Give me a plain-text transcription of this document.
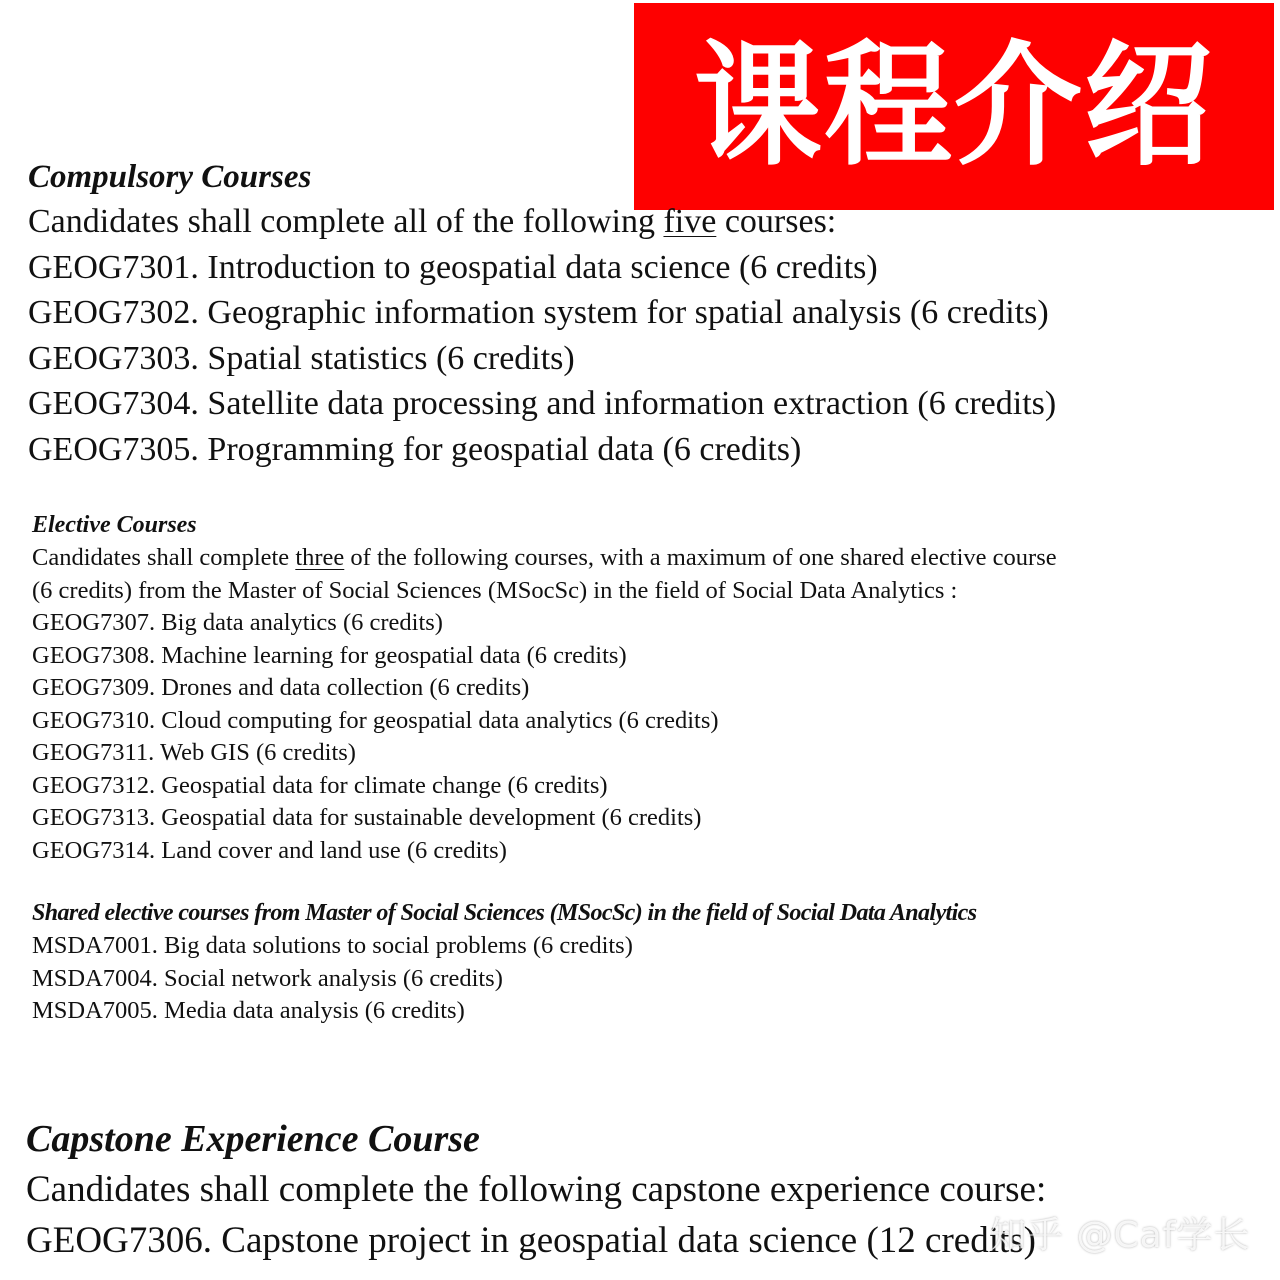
课程介绍
Compulsory Courses
Candidates shall complete all of the following five courses:
GEOG7301. Introduction to geospatial data science (6 credits)
GEOG7302. Geographic information system for spatial analysis (6 credits)
GEOG7303. Spatial statistics (6 credits)
GEOG7304. Satellite data processing and information extraction (6 credits)
GEOG7305. Programming for geospatial data (6 credits)
Elective Courses
Candidates shall complete three of the following courses, with a maximum of one shared elective course
(6 credits) from the Master of Social Sciences (MSocSc) in the field of Social Data Analytics :
GEOG7307. Big data analytics (6 credits)
GEOG7308. Machine learning for geospatial data (6 credits)
GEOG7309. Drones and data collection (6 credits)
GEOG7310. Cloud computing for geospatial data analytics (6 credits)
GEOG7311. Web GIS (6 credits)
GEOG7312. Geospatial data for climate change (6 credits)
GEOG7313. Geospatial data for sustainable development (6 credits)
GEOG7314. Land cover and land use (6 credits)
Shared elective courses from Master of Social Sciences (MSocSc) in the field of Social Data Analytics
MSDA7001. Big data solutions to social problems (6 credits)
MSDA7004. Social network analysis (6 credits)
MSDA7005. Media data analysis (6 credits)
Capstone Experience Course
Candidates shall complete the following capstone experience course:
GEOG7306. Capstone project in geospatial data science (12 credits)
知乎 @Caf学长
